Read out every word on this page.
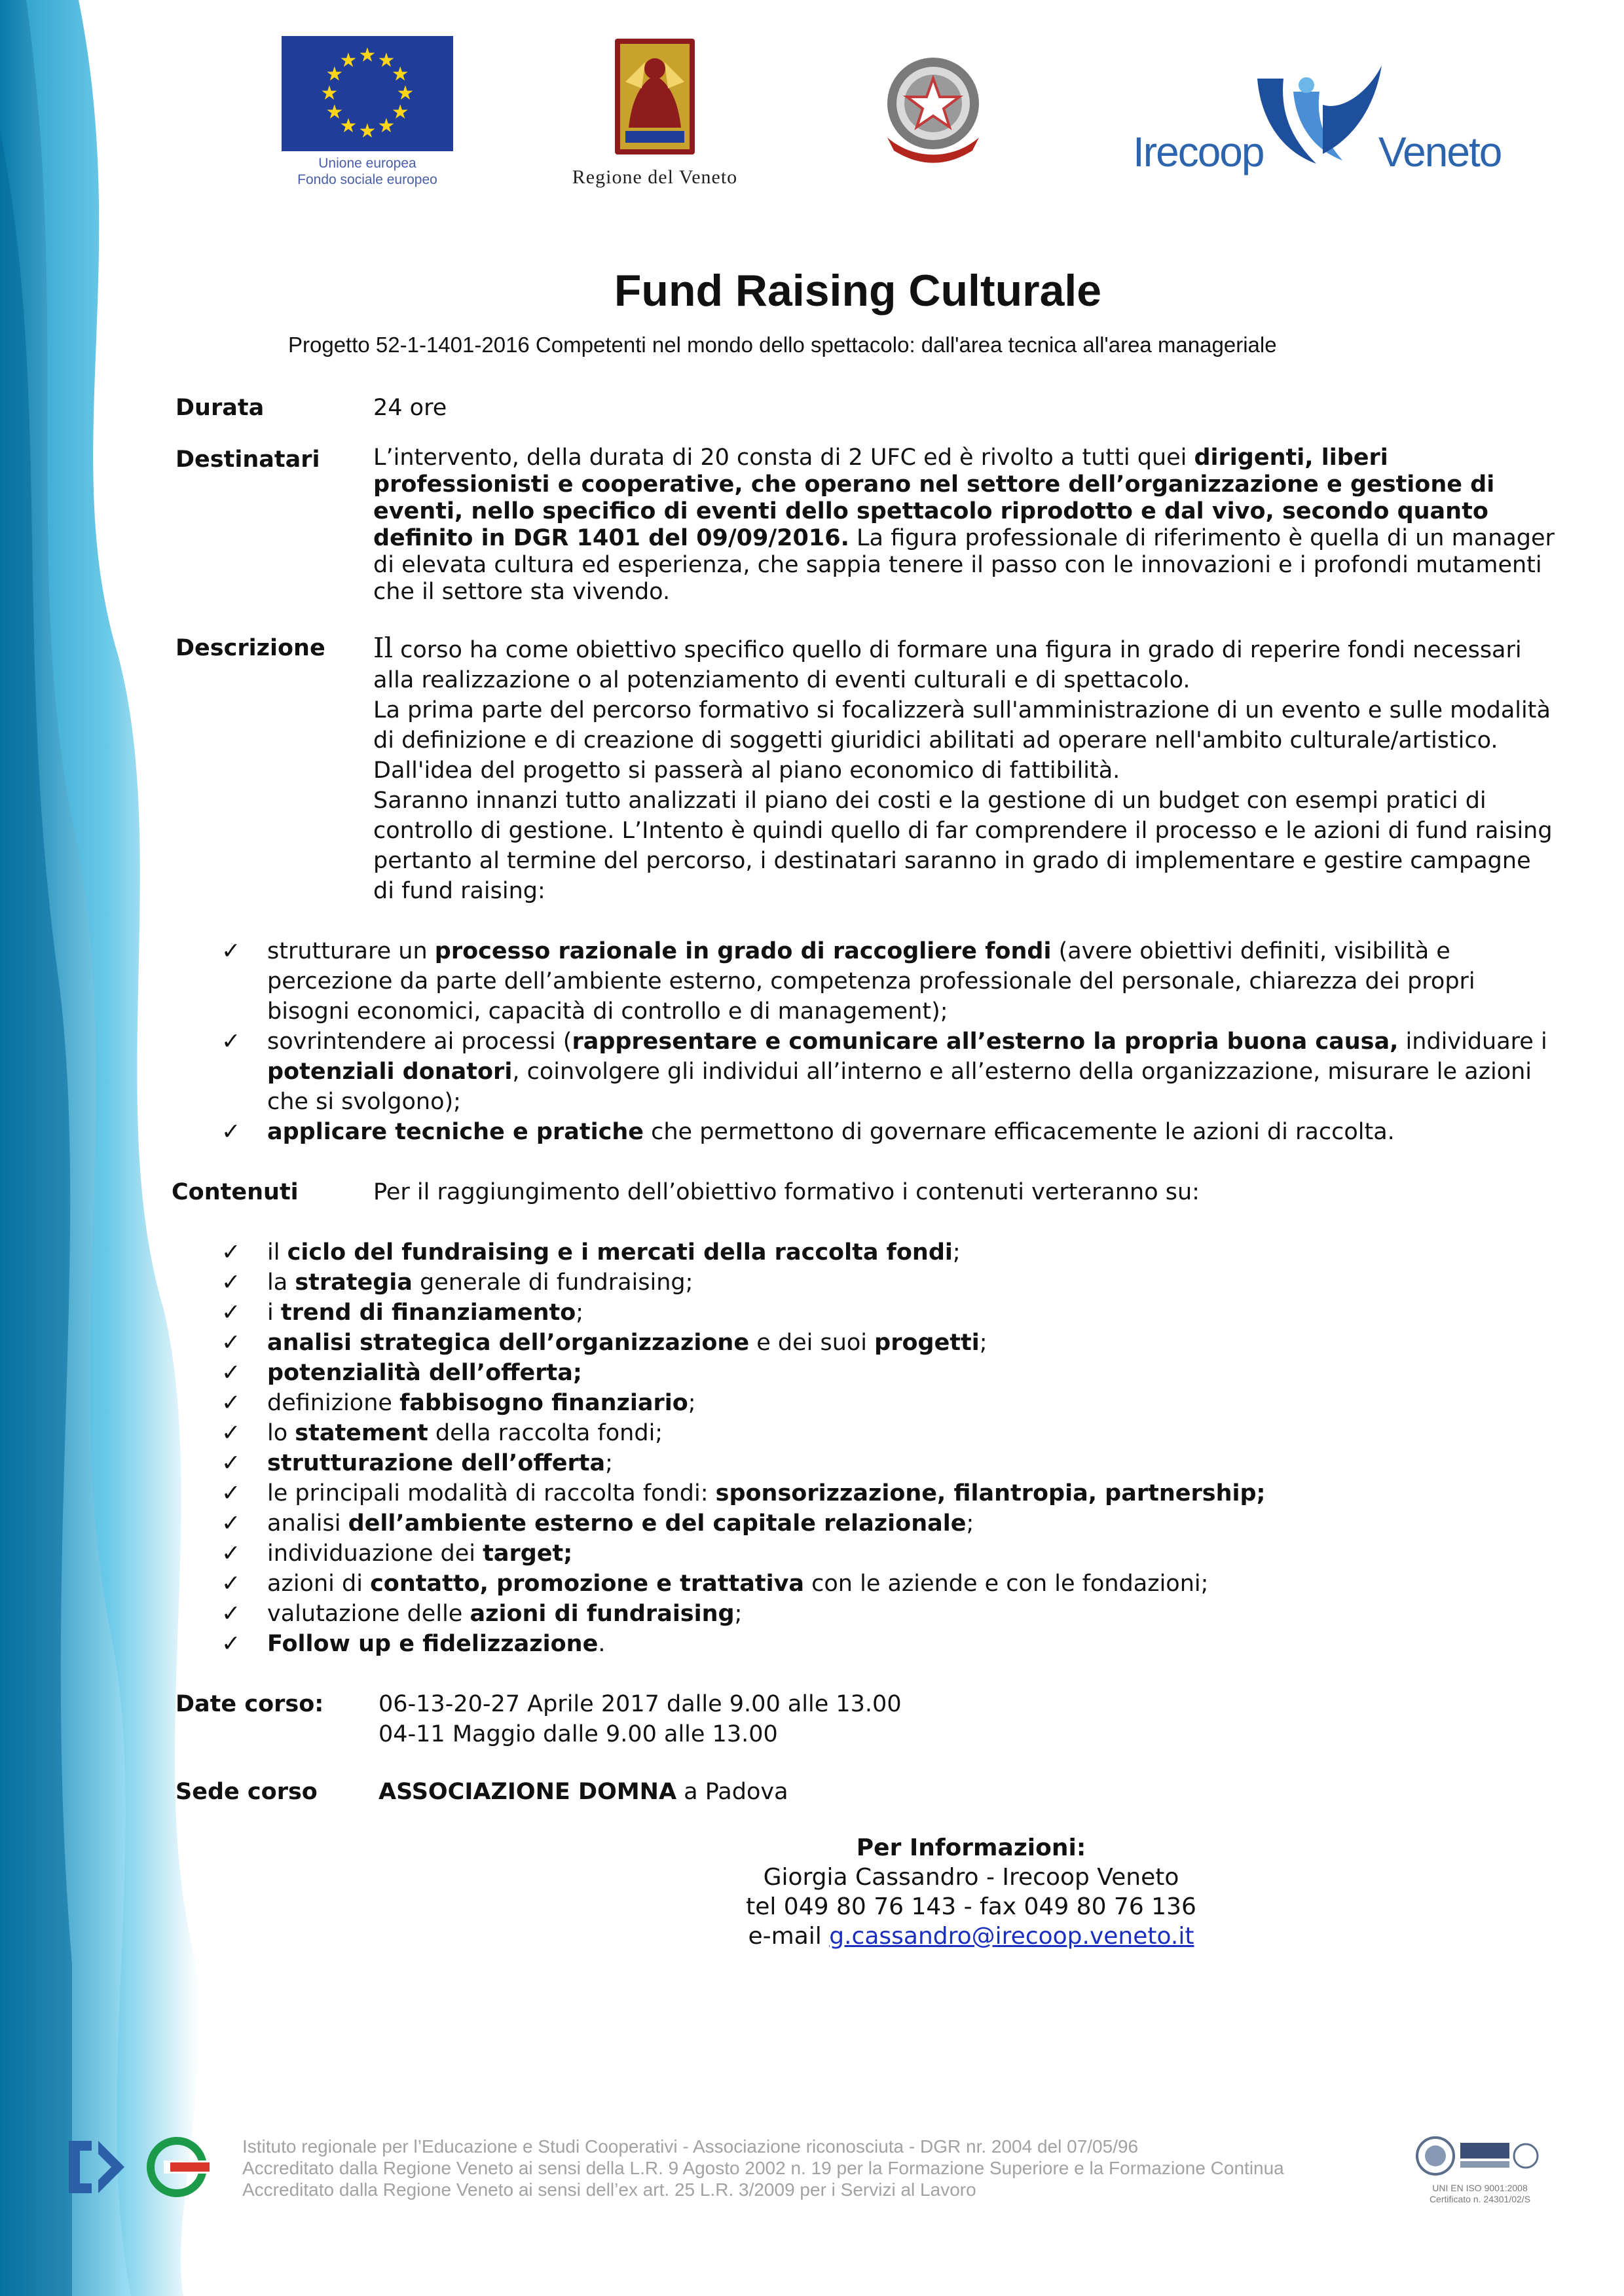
★ ★
★
★
★
★
★
★
★
★
★
★
Unione europea
Fondo sociale europeo	Regione del Veneto
Irecoop	Veneto
Fund Raising Culturale
Progetto 52-1-1401-2016 Competenti nel mondo dello spettacolo: dall'area tecnica all'area manageriale
Durata	24 ore
Destinatari	L’intervento, della durata di 20 consta di 2 UFC ed è rivolto a tutti quei dirigenti, liberi professionisti e cooperative, che operano nel settore dell’organizzazione e gestione di eventi, nello specifico di eventi dello spettacolo riprodotto e dal vivo, secondo quanto definito in DGR 1401 del 09/09/2016. La figura professionale di riferimento è quella di un manager di elevata cultura ed esperienza, che sappia tenere il passo con le innovazioni e i profondi mutamenti che il settore sta vivendo.
Descrizione	Il corso ha come obiettivo specifico quello di formare una figura in grado di reperire fondi necessari alla realizzazione o al potenziamento di eventi culturali e di spettacolo.

La prima parte del percorso formativo si focalizzerà sull'amministrazione di un evento e sulle modalità di definizione e di creazione di soggetti giuridici abilitati ad operare nell'ambito culturale/artistico. Dall'idea del progetto si passerà al piano economico di fattibilità.

Saranno innanzi tutto analizzati il piano dei costi e la gestione di un budget con esempi pratici di controllo di gestione. L’Intento è quindi quello di far comprendere il processo e le azioni di fund raising pertanto al termine del percorso, i destinatari saranno in grado di implementare e gestire campagne di fund raising:

✓	strutturare un processo razionale in grado di raccogliere fondi (avere obiettivi definiti, visibilità e percezione da parte dell’ambiente esterno, competenza professionale del personale, chiarezza dei propri bisogni economici, capacità di controllo e di management);
✓	sovrintendere ai processi (rappresentare e comunicare all’esterno la propria buona causa, individuare i potenziali donatori, coinvolgere gli individui all’interno e all’esterno della organizzazione, misurare le azioni che si svolgono);
✓	applicare tecniche e pratiche che permettono di governare efficacemente le azioni di raccolta.
Contenuti	Per il raggiungimento dell’obiettivo formativo i contenuti verteranno su:
✓	il ciclo del fundraising e i mercati della raccolta fondi;
✓	la strategia generale di fundraising;
✓	i trend di finanziamento;
✓	analisi strategica dell’organizzazione e dei suoi progetti;
✓	potenzialità dell’offerta;
✓	definizione fabbisogno finanziario;
✓	lo statement della raccolta fondi;
✓	strutturazione dell’offerta;
✓	le principali modalità di raccolta fondi: sponsorizzazione, filantropia, partnership;
✓	analisi dell’ambiente esterno e del capitale relazionale;
✓	individuazione dei target;
✓	azioni di contatto, promozione e trattativa con le aziende e con le fondazioni;
✓	valutazione delle azioni di fundraising;
✓	Follow up e fidelizzazione.
Date corso:	06-13-20-27 Aprile 2017 dalle 9.00 alle 13.00
04-11 Maggio dalle 9.00 alle 13.00
Sede corso	ASSOCIAZIONE DOMNA a Padova
Per Informazioni:
Giorgia Cassandro - Irecoop Veneto
tel 049 80 76 143 - fax 049 80 76 136
e-mail g.cassandro@irecoop.veneto.it
Istituto regionale per l’Educazione e Studi Cooperativi - Associazione riconosciuta - DGR nr. 2004 del 07/05/96
Accreditato dalla Regione Veneto ai sensi della L.R. 9 Agosto 2002 n. 19 per la Formazione Superiore e la Formazione Continua
Accreditato dalla Regione Veneto ai sensi dell’ex art. 25 L.R. 3/2009 per i Servizi al Lavoro	UNI EN ISO 9001:2008
Certificato n. 24301/02/S
